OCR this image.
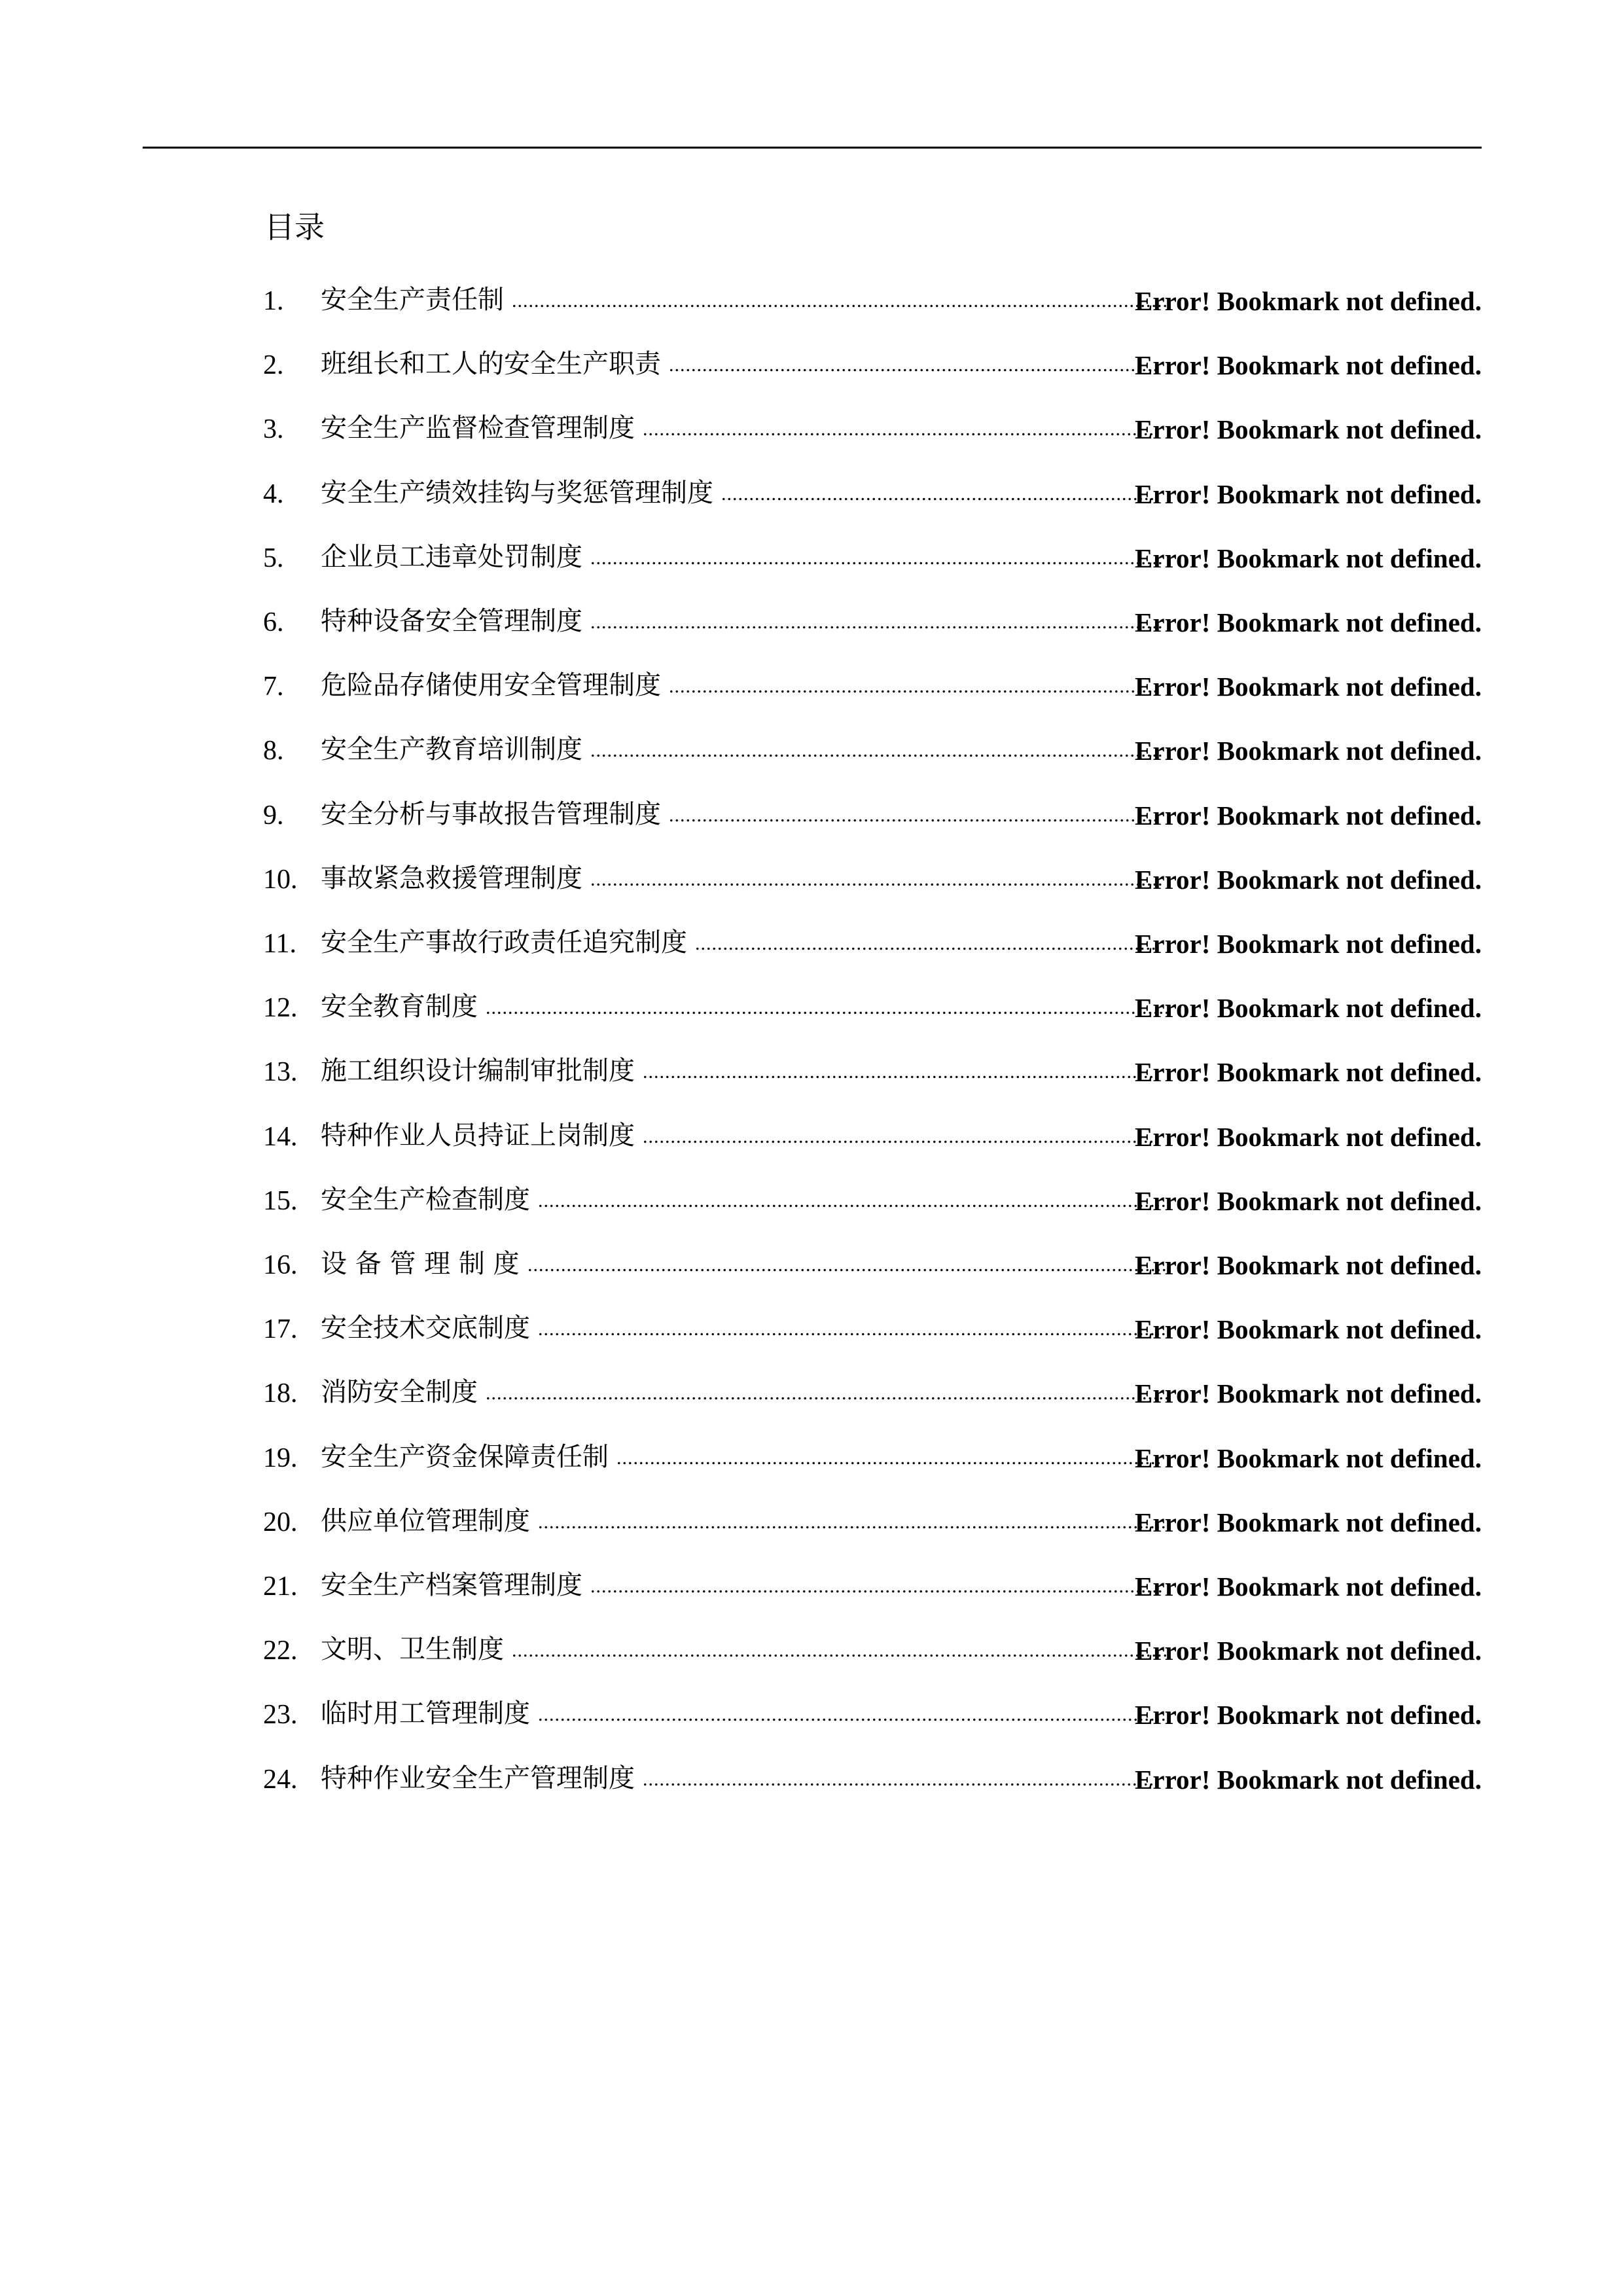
目录
1. 安全生产责任制 ......................................................................................................................
Error! Bookmark not defined.
2. 班组长和工人的安全生产职责 ........................................................................................
Error! Bookmark not defined.
3. 安全生产监督检查管理制度 .............................................................................................
Error! Bookmark not defined.
4. 安全生产绩效挂钩与奖惩管理制度 ..............................................................................
Error! Bookmark not defined.
5. 企业员工违章处罚制度 .......................................................................................................
Error! Bookmark not defined.
6. 特种设备安全管理制度 .......................................................................................................
Error! Bookmark not defined.
7. 危险品存储使用安全管理制度 ........................................................................................
Error! Bookmark not defined.
8. 安全生产教育培训制度 .......................................................................................................
Error! Bookmark not defined.
9. 安全分析与事故报告管理制度 ........................................................................................
Error! Bookmark not defined.
10. 事故紧急救援管理制度 .......................................................................................................
Error! Bookmark not defined.
11. 安全生产事故行政责任追究制度 ...................................................................................
Error! Bookmark not defined.
12. 安全教育制度 ...........................................................................................................................
Error! Bookmark not defined.
13. 施工组织设计编制审批制度 .............................................................................................
Error! Bookmark not defined.
14. 特种作业人员持证上岗制度 .............................................................................................
Error! Bookmark not defined.
15. 安全生产检查制度 .................................................................................................................
Error! Bookmark not defined.
16. 设 备 管 理 制 度 ...................................................................................................................
Error! Bookmark not defined.
17. 安全技术交底制度 .................................................................................................................
Error! Bookmark not defined.
18. 消防安全制度 ...........................................................................................................................
Error! Bookmark not defined.
19. 安全生产资金保障责任制 ..................................................................................................
Error! Bookmark not defined.
20. 供应单位管理制度 .................................................................................................................
Error! Bookmark not defined.
21. 安全生产档案管理制度 .......................................................................................................
Error! Bookmark not defined.
22. 文明、卫生制度 ......................................................................................................................
Error! Bookmark not defined.
23. 临时用工管理制度 .................................................................................................................
Error! Bookmark not defined.
24. 特种作业安全生产管理制度 .............................................................................................
Error! Bookmark not defined.
